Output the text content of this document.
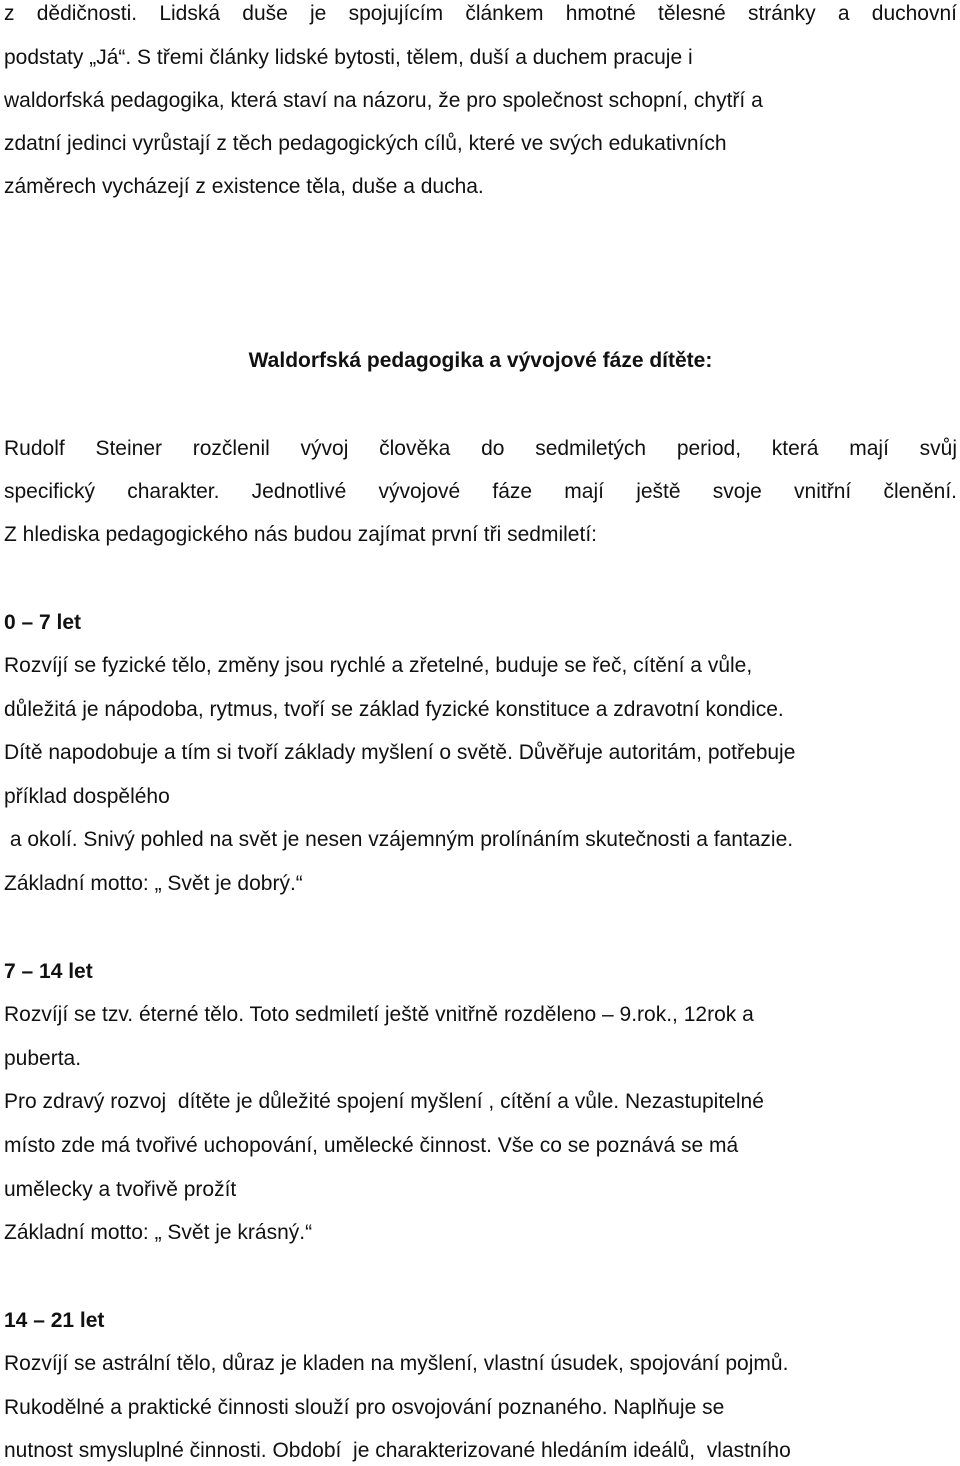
z dědičnosti. Lidská duše je spojujícím článkem hmotné tělesné stránky a duchovní
podstaty „Já“. S třemi články lidské bytosti, tělem, duší a duchem pracuje i
waldorfská pedagogika, která staví na názoru, že pro společnost schopní, chytří a
zdatní jedinci vyrůstají z těch pedagogických cílů, které ve svých edukativních
záměrech vycházejí z existence těla, duše a ducha.
Waldorfská pedagogika a vývojové fáze dítěte:
Rudolf Steiner rozčlenil vývoj člověka do sedmiletých period, která mají svůj
specifický charakter. Jednotlivé vývojové fáze mají ještě svoje vnitřní členění.
Z hlediska pedagogického nás budou zajímat první tři sedmiletí:
0 – 7 let
Rozvíjí se fyzické tělo, změny jsou rychlé a zřetelné, buduje se řeč, cítění a vůle,
důležitá je nápodoba, rytmus, tvoří se základ fyzické konstituce a zdravotní kondice.
Dítě napodobuje a tím si tvoří základy myšlení o světě. Důvěřuje autoritám, potřebuje
příklad dospělého
a okolí. Snivý pohled na svět je nesen vzájemným prolínáním skutečnosti a fantazie.
Základní motto: „ Svět je dobrý.“
7 – 14 let
Rozvíjí se tzv. éterné tělo. Toto sedmiletí ještě vnitřně rozděleno – 9.rok., 12rok a
puberta.
Pro zdravý rozvoj  dítěte je důležité spojení myšlení , cítění a vůle. Nezastupitelné
místo zde má tvořivé uchopování, umělecké činnost. Vše co se poznává se má
umělecky a tvořivě prožít
Základní motto: „ Svět je krásný.“
14 – 21 let
Rozvíjí se astrální tělo, důraz je kladen na myšlení, vlastní úsudek, spojování pojmů.
Rukodělné a praktické činnosti slouží pro osvojování poznaného. Naplňuje se
nutnost smysluplné činnosti. Období  je charakterizované hledáním ideálů,  vlastního
